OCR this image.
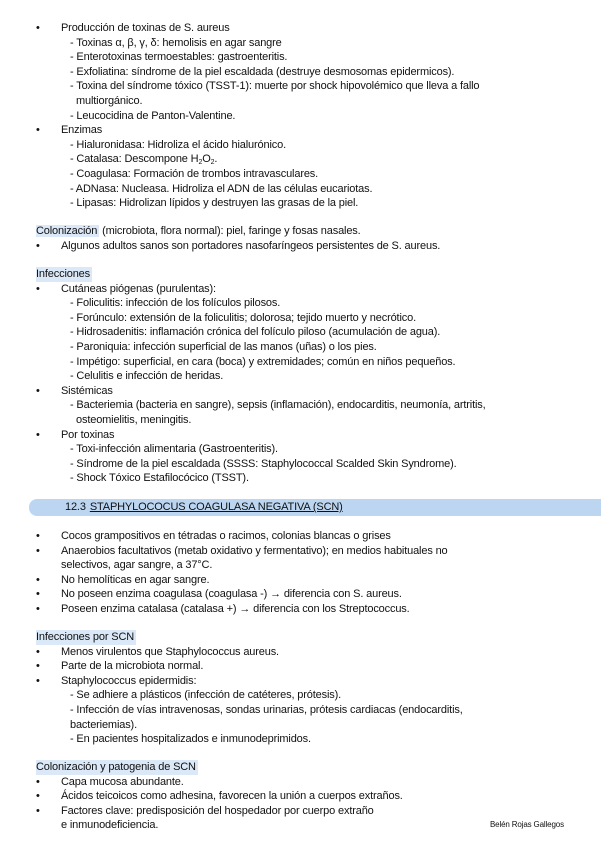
• Producción de toxinas de S. aureus
- Toxinas α, β, γ, δ: hemolisis en agar sangre
- Enterotoxinas termoestables: gastroenteritis.
- Exfoliatina: síndrome de la piel escaldada (destruye desmosomas epidermicos).
- Toxina del síndrome tóxico (TSST-1): muerte por shock hipovolémico que lleva a fallo
multiorgánico.
- Leucocidina de Panton-Valentine.
• Enzimas
- Hialuronidasa: Hidroliza el ácido hialurónico.
- Catalasa: Descompone $H_2O_2$.
- Coagulasa: Formación de trombos intravasculares.
- ADNasa: Nucleasa. Hidroliza el ADN de las células eucariotas.
- Lipasas: Hidrolizan lípidos y destruyen las grasas de la piel.
Colonización (microbiota, flora normal): piel, faringe y fosas nasales.
• Algunos adultos sanos son portadores nasofaríngeos persistentes de S. aureus.
Infecciones
• Cutáneas piógenas (purulentas):
- Foliculitis: infección de los folículos pilosos.
- Forúnculo: extensión de la foliculitis; dolorosa; tejido muerto y necrótico.
- Hidrosadenitis: inflamación crónica del folículo piloso (acumulación de agua).
- Paroniquia: infección superficial de las manos (uñas) o los pies.
- Impétigo: superficial, en cara (boca) y extremidades; común en niños pequeños.
- Celulitis e infección de heridas.
• Sistémicas
- Bacteriemia (bacteria en sangre), sepsis (inflamación), endocarditis, neumonía, artritis,
osteomielitis, meningitis.
• Por toxinas
- Toxi-infección alimentaria (Gastroenteritis).
- Síndrome de la piel escaldada (SSSS: Staphylococcal Scalded Skin Syndrome).
- Shock Tóxico Estafilocócico (TSST).
12.3 STAPHYLOCOCUS COAGULASA NEGATIVA (SCN)
• Cocos grampositivos en tétradas o racimos, colonias blancas o grises
• Anaerobios facultativos (metab oxidativo y fermentativo); en medios habituales no
selectivos, agar sangre, a 37°C.
• No hemolíticas en agar sangre.
• No poseen enzima coagulasa (coagulasa -) → diferencia con S. aureus.
• Poseen enzima catalasa (catalasa +) → diferencia con los Streptococcus.
Infecciones por SCN
• Menos virulentos que Staphylococcus aureus.
• Parte de la microbiota normal.
• Staphylococcus epidermidis:
- Se adhiere a plásticos (infección de catéteres, prótesis).
- Infección de vías intravenosas, sondas urinarias, prótesis cardiacas (endocarditis,
bacteriemias).
- En pacientes hospitalizados e inmunodeprimidos.
Colonización y patogenia de SCN
• Capa mucosa abundante.
• Ácidos teicoicos como adhesina, favorecen la unión a cuerpos extraños.
• Factores clave: predisposición del hospedador por cuerpo extraño
e inmunodeficiencia.	Belén Rojas Gallegos
